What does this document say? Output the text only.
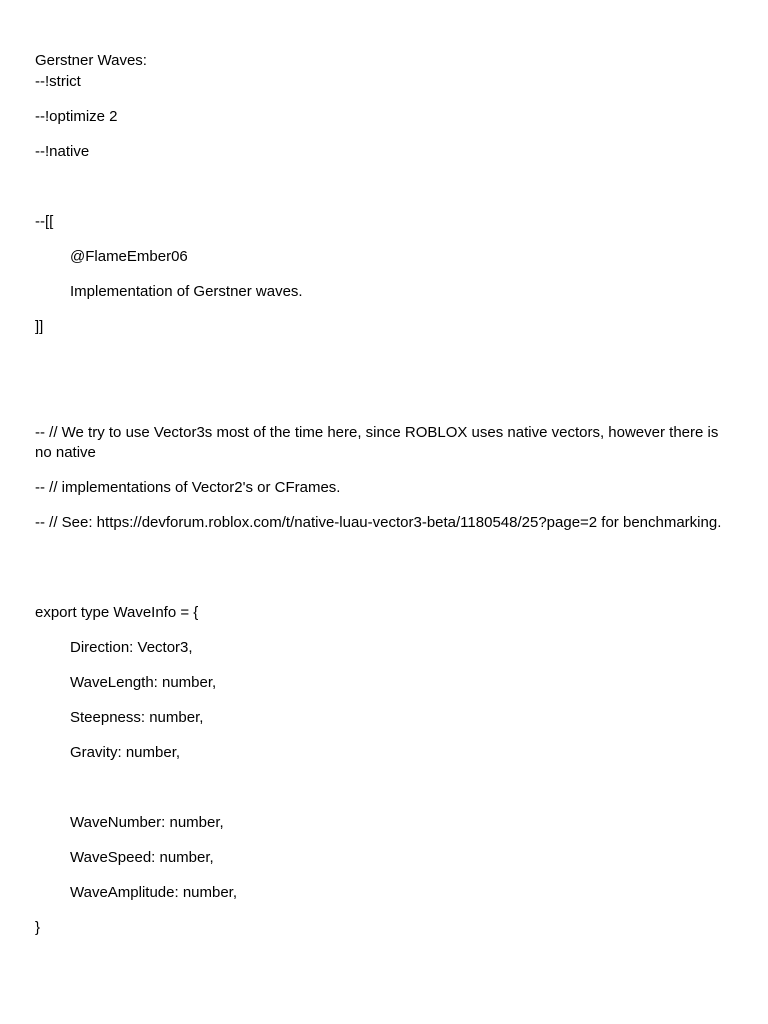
Gerstner Waves:

--!strict

--!optimize 2

--!native

--[[

@FlameEmber06

Implementation of Gerstner waves.

]]

-- // We try to use Vector3s most of the time here, since ROBLOX uses native vectors, however there is no native

-- // implementations of Vector2's or CFrames.

-- // See: https://devforum.roblox.com/t/native-luau-vector3-beta/1180548/25?page=2 for benchmarking.

export type WaveInfo = {

Direction: Vector3,

WaveLength: number,

Steepness: number,

Gravity: number,

WaveNumber: number,

WaveSpeed: number,

WaveAmplitude: number,

}
